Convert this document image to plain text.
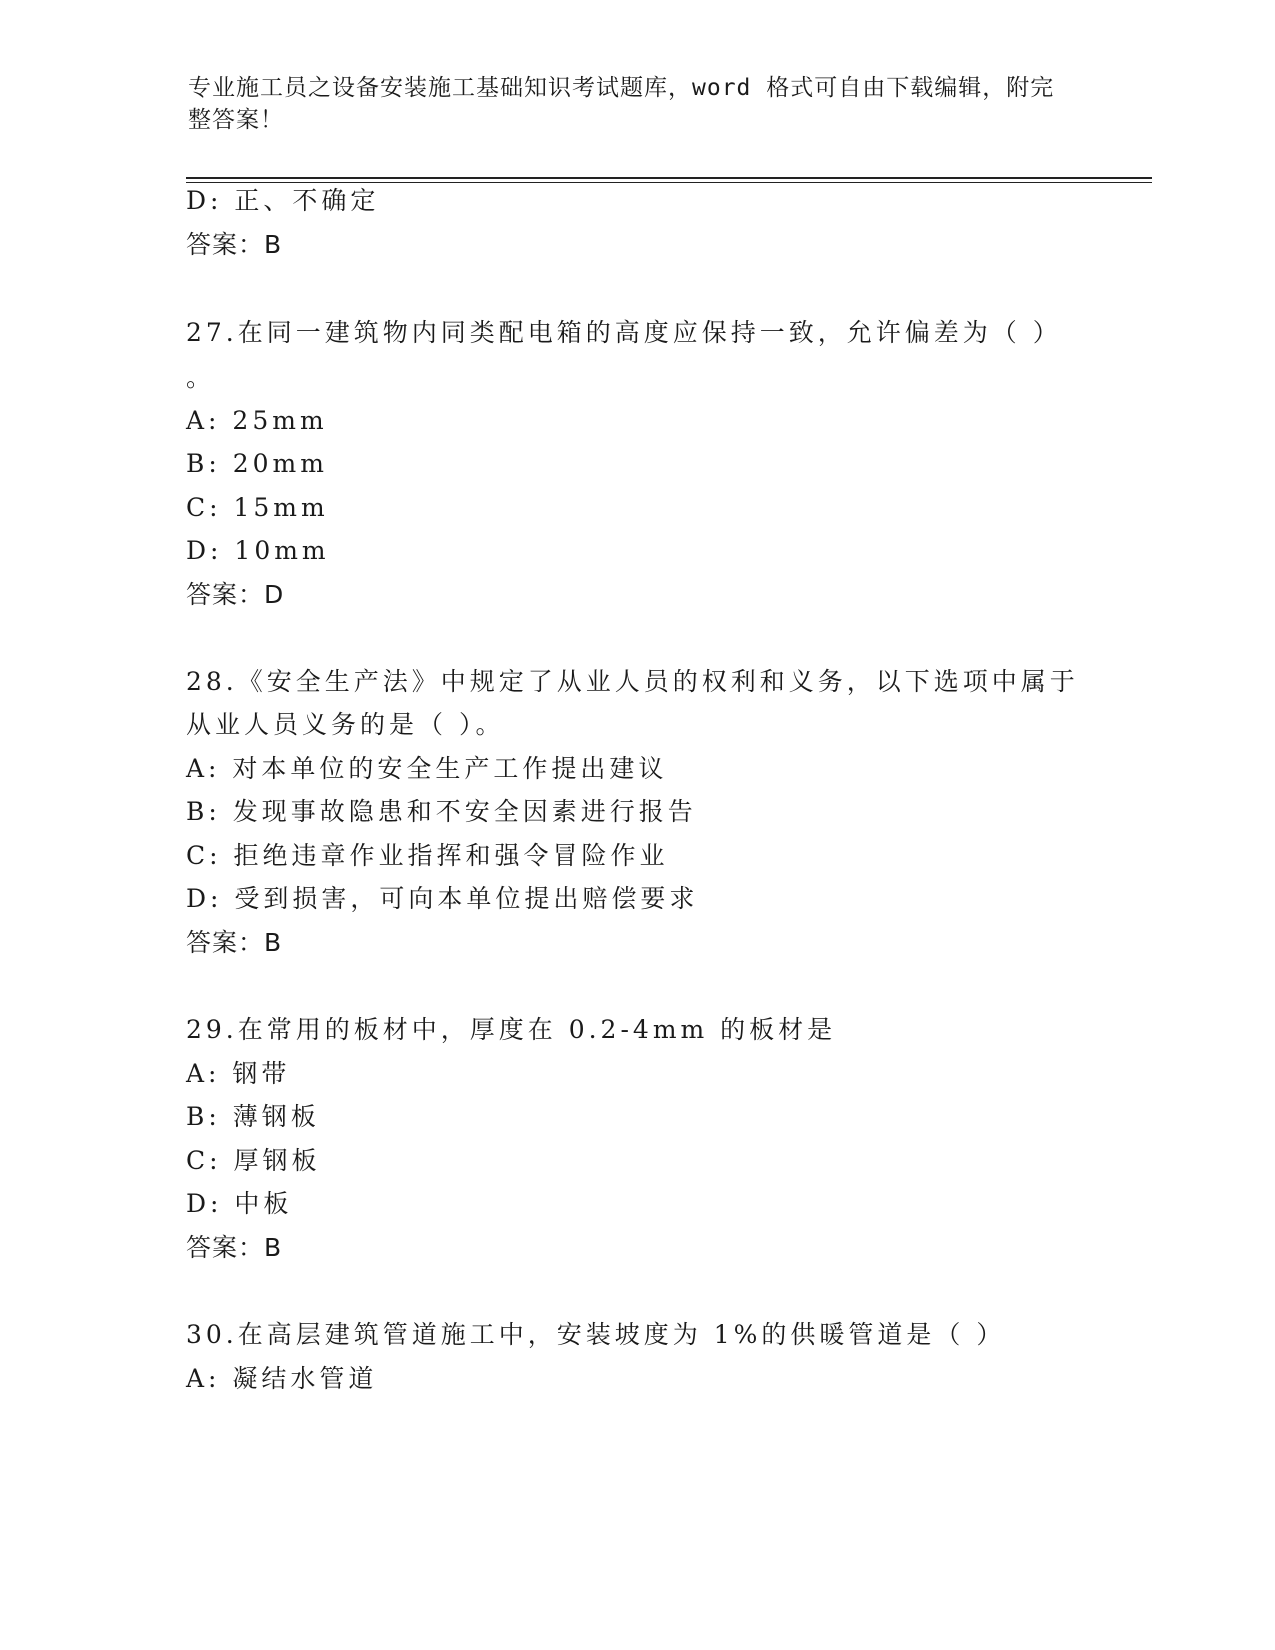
专业施工员之设备安装施工基础知识考试题库，word 格式可自由下载编辑，附完
整答案！
D: 正、不确定
答案：B
27.在同一建筑物内同类配电箱的高度应保持一致，允许偏差为（ ）
。
A: 25mm
B: 20mm
C: 15mm
D: 10mm
答案：D
28.《安全生产法》中规定了从业人员的权利和义务，以下选项中属于
从业人员义务的是（ ）。
A: 对本单位的安全生产工作提出建议
B: 发现事故隐患和不安全因素进行报告
C: 拒绝违章作业指挥和强令冒险作业
D: 受到损害，可向本单位提出赔偿要求
答案：B
29.在常用的板材中，厚度在 0.2-4mm 的板材是
A: 钢带
B: 薄钢板
C: 厚钢板
D: 中板
答案：B
30.在高层建筑管道施工中，安装坡度为 1%的供暖管道是（ ）
A: 凝结水管道
